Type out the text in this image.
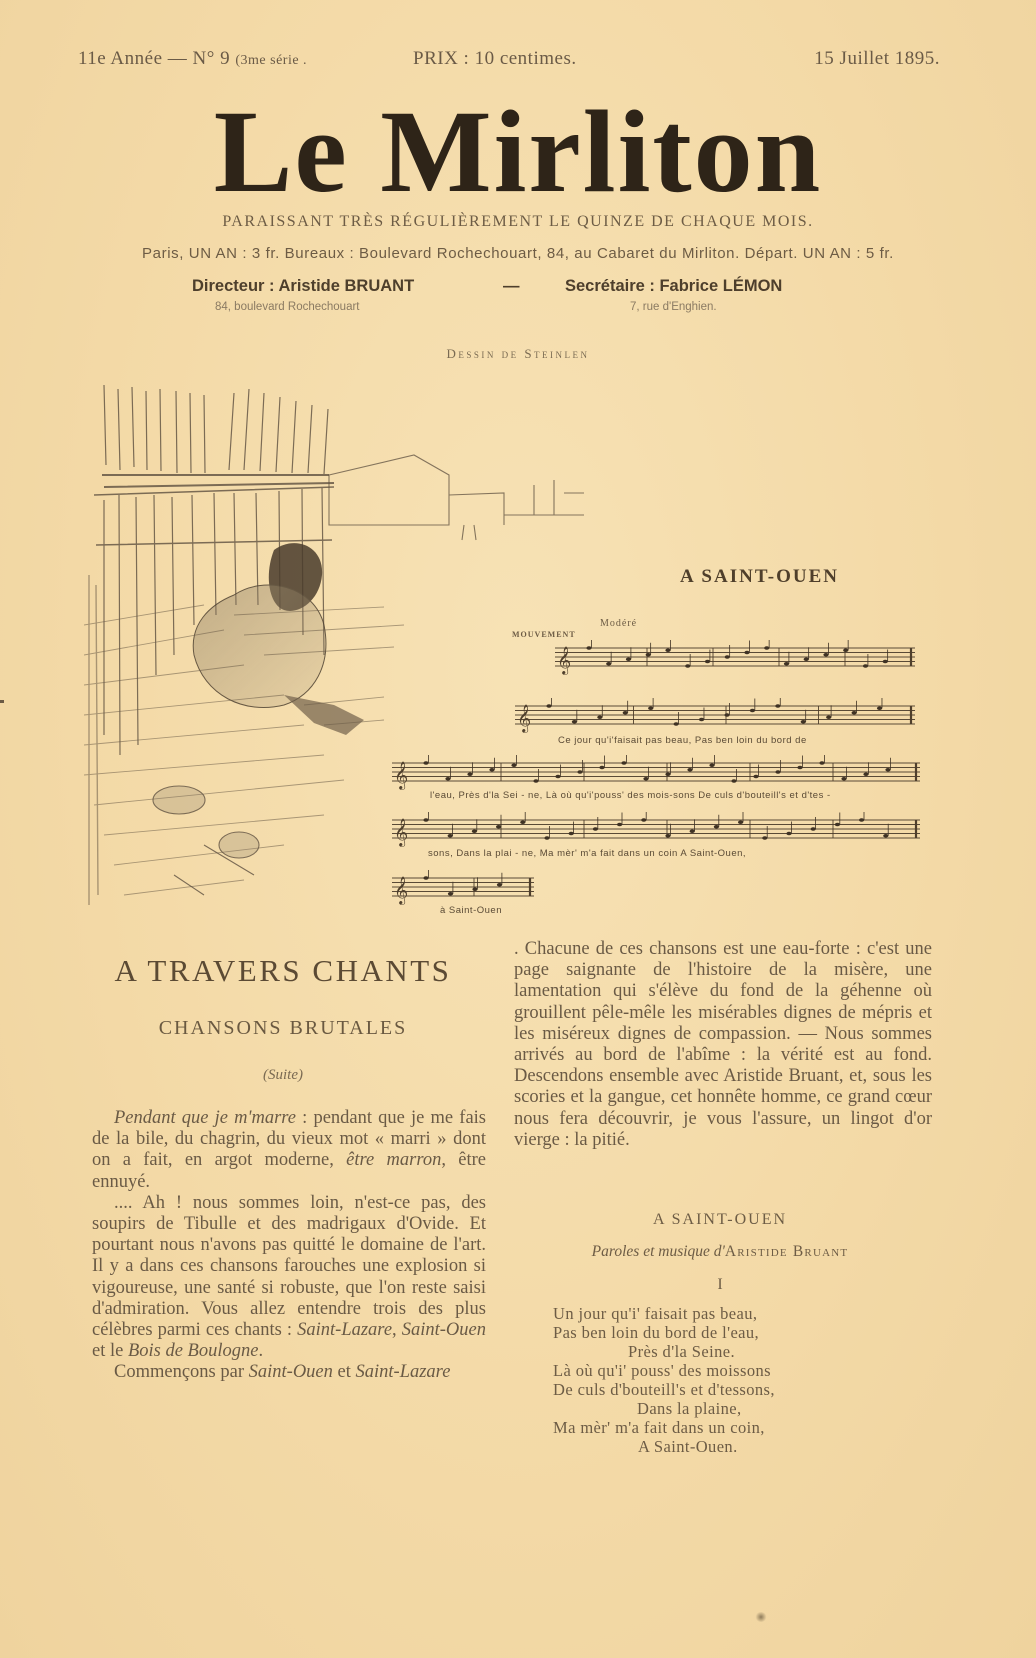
11e Année — N° 9 (3me série .	PRIX : 10 centimes.	15 Juillet 1895.
Le Mirliton
PARAISSANT TRÈS RÉGULIÈREMENT LE QUINZE DE CHAQUE MOIS.
Paris, UN AN : 3 fr. Bureaux : Boulevard Rochechouart, 84, au Cabaret du Mirliton. Départ. UN AN : 5 fr.
Directeur : Aristide BRUANT	—	Secrétaire : Fabrice LÉMON
84, boulevard Rochechouart	7, rue d'Enghien.
Dessin de Steinlen
A SAINT-OUEN
MOUVEMENT
Modéré
𝄞
𝄞
Ce jour qu'i'faisait pas beau, Pas ben loin du bord de
𝄞
l'eau, Près d'la Sei - ne, Là où qu'i'pouss' des mois-sons De culs d'bouteill's et d'tes -
𝄞
sons, Dans la plai - ne, Ma mèr' m'a fait dans un coin A Saint-Ouen,
𝄞
à Saint-Ouen
A TRAVERS CHANTS
CHANSONS BRUTALES
(Suite)

Pendant que je m'marre : pendant que je me fais de la bile, du chagrin, du vieux mot « marri » dont on a fait, en argot moderne, être marron, être ennuyé.

.... Ah ! nous sommes loin, n'est-ce pas, des soupirs de Tibulle et des madrigaux d'Ovide. Et pourtant nous n'avons pas quitté le domaine de l'art. Il y a dans ces chansons farouches une explosion si vigoureuse, une santé si robuste, que l'on reste saisi d'admiration. Vous allez entendre trois des plus célèbres parmi ces chants : Saint-Lazare, Saint-Ouen et le Bois de Boulogne.

Commençons par Saint-Ouen et Saint-Lazare

. Chacune de ces chansons est une eau-forte : c'est une page saignante de l'histoire de la misère, une lamentation qui s'élève du fond de la géhenne où grouillent pêle-mêle les misérables dignes de mépris et les miséreux dignes de compassion. — Nous sommes arrivés au bord de l'abîme : la vérité est au fond. Descendons ensemble avec Aristide Bruant, et, sous les scories et la gangue, cet honnête homme, ce grand cœur nous fera découvrir, je vous l'assure, un lingot d'or vierge : la pitié.

A SAINT-OUEN
Paroles et musique d'Aristide Bruant
I
Un jour qu'i' faisait pas beau,
Pas ben loin du bord de l'eau,
Près d'la Seine.
Là où qu'i' pouss' des moissons
De culs d'bouteill's et d'tessons,
Dans la plaine,
Ma mèr' m'a fait dans un coin,
A Saint-Ouen.
